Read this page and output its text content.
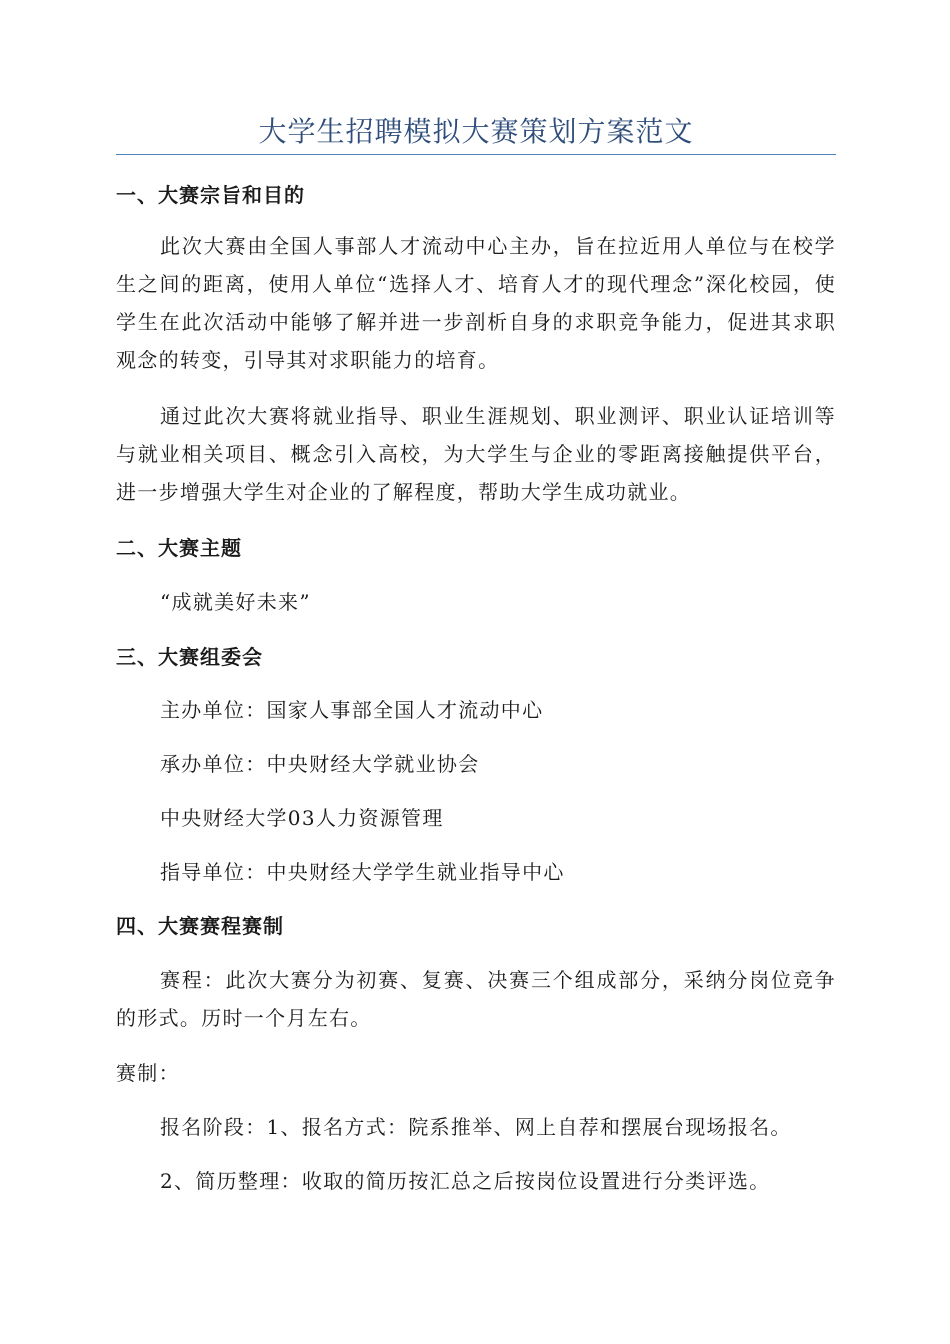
大学生招聘模拟大赛策划方案范文
一、大赛宗旨和目的
此次大赛由全国人事部人才流动中心主办，旨在拉近用人单位与在校学生之间的距离，使用人单位“选择人才、培育人才的现代理念”深化校园，使学生在此次活动中能够了解并进一步剖析自身的求职竞争能力，促进其求职观念的转变，引导其对求职能力的培育。
通过此次大赛将就业指导、职业生涯规划、职业测评、职业认证培训等与就业相关项目、概念引入高校，为大学生与企业的零距离接触提供平台，进一步增强大学生对企业的了解程度，帮助大学生成功就业。
二、大赛主题
“成就美好未来”
三、大赛组委会
主办单位：国家人事部全国人才流动中心
承办单位：中央财经大学就业协会
中央财经大学03人力资源管理
指导单位：中央财经大学学生就业指导中心
四、大赛赛程赛制
赛程：此次大赛分为初赛、复赛、决赛三个组成部分，采纳分岗位竞争的形式。历时一个月左右。
赛制：
报名阶段：1、报名方式：院系推举、网上自荐和摆展台现场报名。
2、简历整理：收取的简历按汇总之后按岗位设置进行分类评选。
